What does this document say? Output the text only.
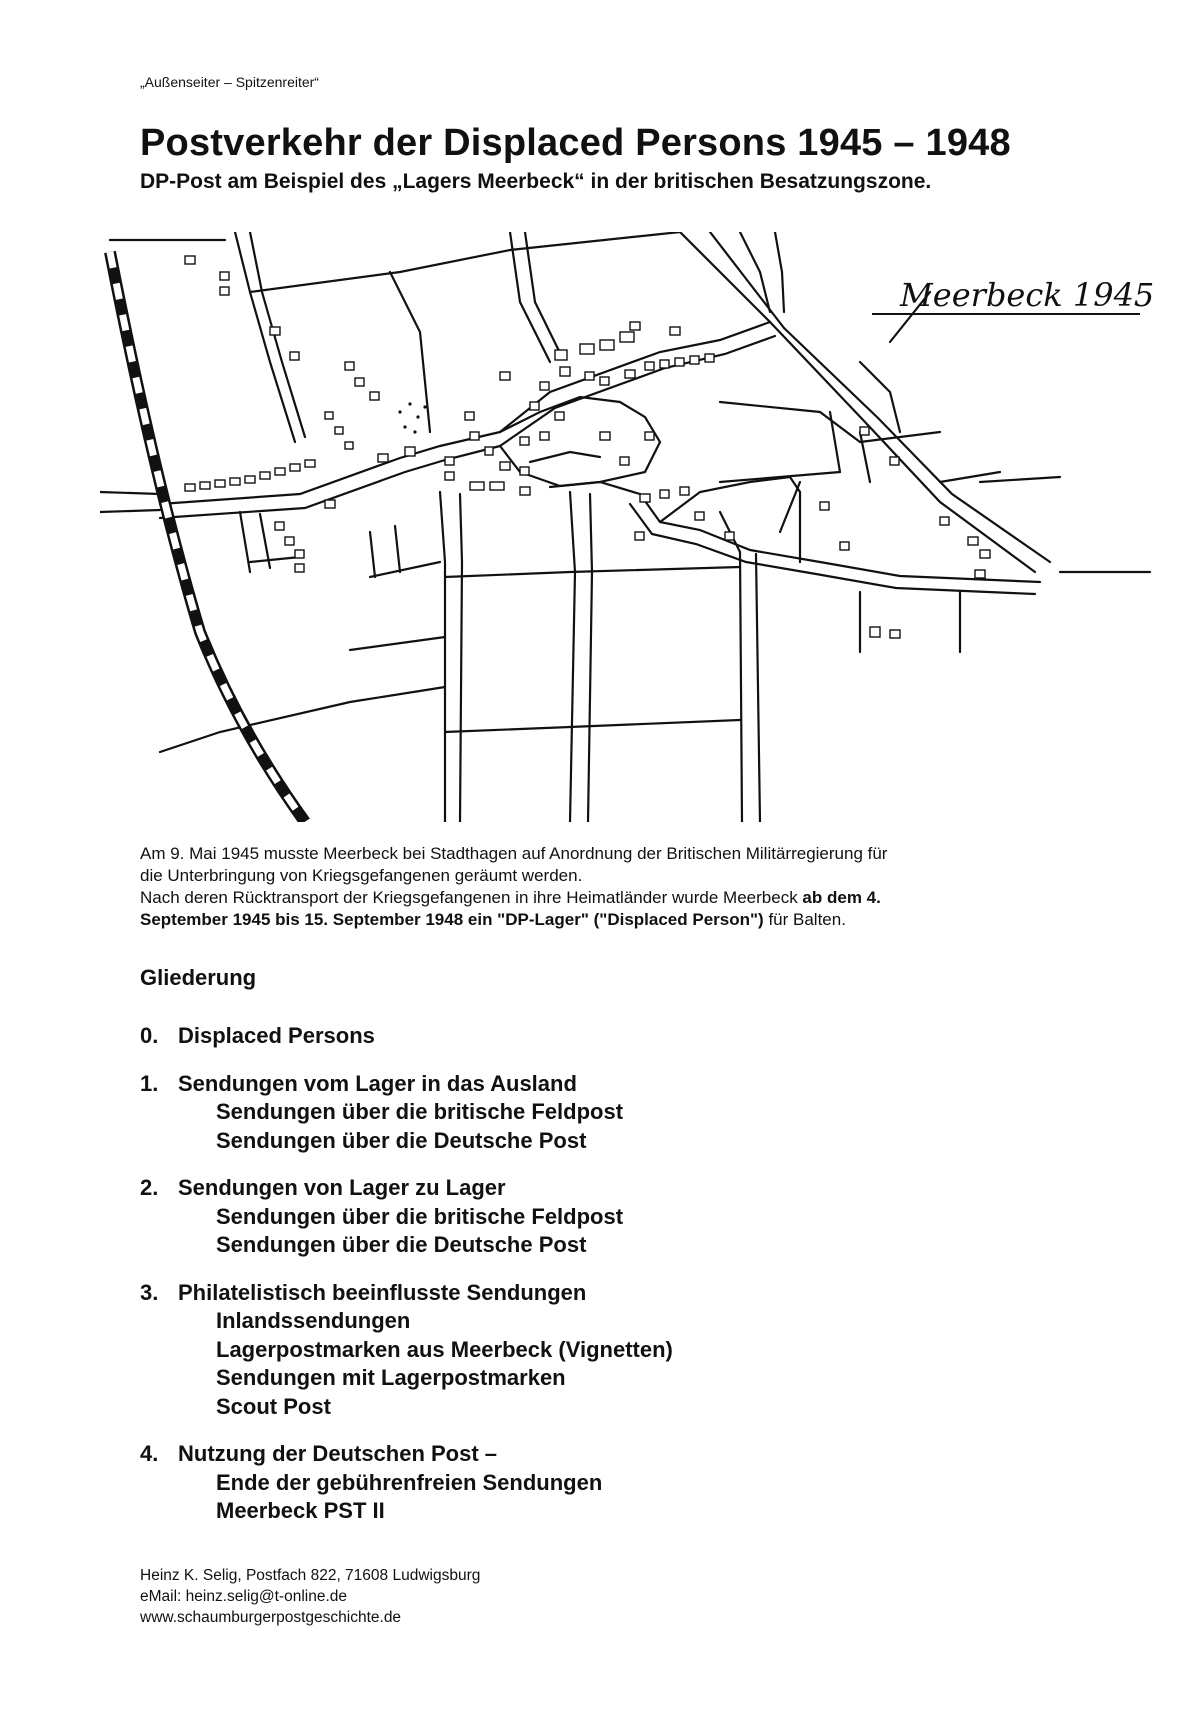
„Außenseiter – Spitzenreiter“
Postverkehr der Displaced Persons 1945 – 1948
DP-Post am Beispiel des „Lagers Meerbeck“ in der britischen Besatzungszone.
Meerbeck 1945
Am 9. Mai 1945 musste Meerbeck bei Stadthagen auf Anordnung der Britischen Militärregierung für
die Unterbringung von Kriegsgefangenen geräumt werden.
Nach deren Rücktransport der Kriegsgefangenen in ihre Heimatländer wurde Meerbeck ab dem 4.
September 1945 bis 15. September 1948 ein "DP-Lager" ("Displaced Person") für Balten.
Gliederung
0. Displaced Persons
1. Sendungen vom Lager in das Ausland
Sendungen über die britische Feldpost
Sendungen über die Deutsche Post
2. Sendungen von Lager zu Lager
Sendungen über die britische Feldpost
Sendungen über die Deutsche Post
3. Philatelistisch beeinflusste Sendungen
Inlandssendungen
Lagerpostmarken aus Meerbeck (Vignetten)
Sendungen mit Lagerpostmarken
Scout Post
4. Nutzung der Deutschen Post –
Ende der gebührenfreien Sendungen
Meerbeck PST II
Heinz K. Selig, Postfach 822, 71608 Ludwigsburg
eMail: heinz.selig@t-online.de
www.schaumburgerpostgeschichte.de
